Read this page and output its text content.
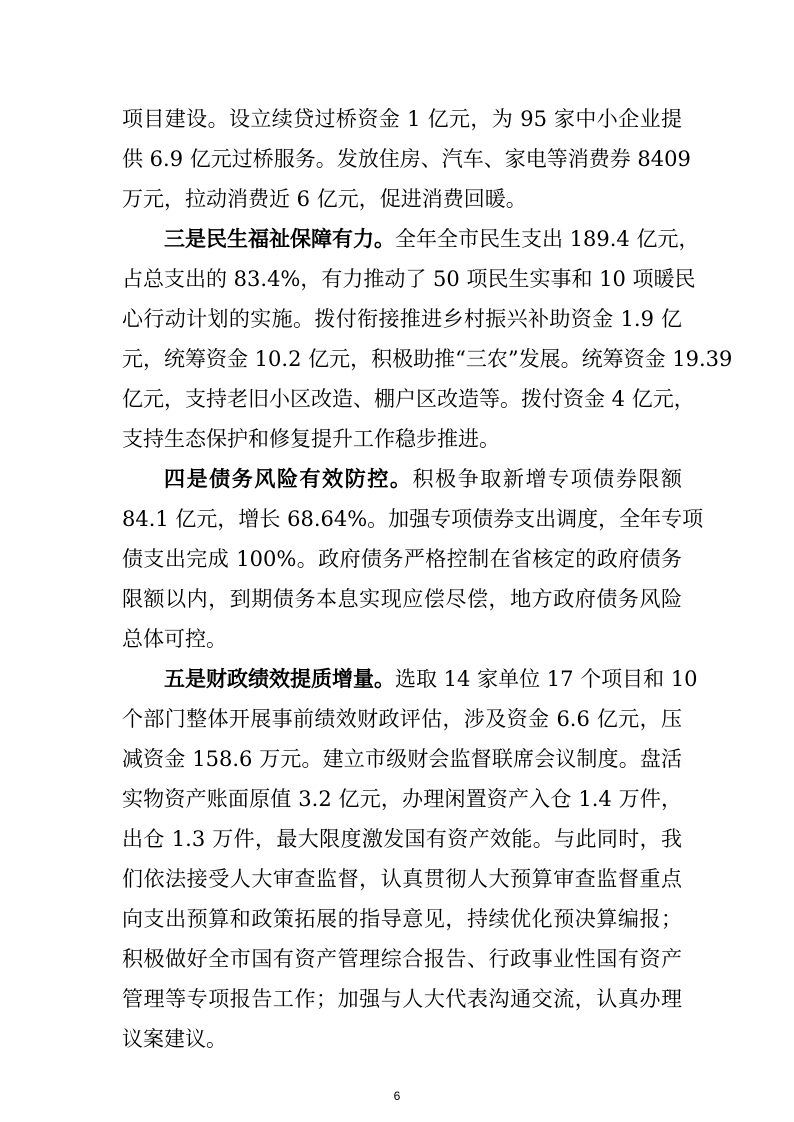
项目建设。设立续贷过桥资金 1 亿元，为 95 家中小企业提
供 6.9 亿元过桥服务。发放住房、汽车、家电等消费券 8409
万元，拉动消费近 6 亿元，促进消费回暖。
三是民生福祉保障有力。全年全市民生支出 189.4 亿元，
占总支出的 83.4%，有力推动了 50 项民生实事和 10 项暖民
心行动计划的实施。拨付衔接推进乡村振兴补助资金 1.9 亿
元，统筹资金 10.2 亿元，积极助推“三农”发展。统筹资金 19.39
亿元，支持老旧小区改造、棚户区改造等。拨付资金 4 亿元，
支持生态保护和修复提升工作稳步推进。
四是债务风险有效防控。积极争取新增专项债券限额
84.1 亿元，增长 68.64%。加强专项债券支出调度，全年专项
债支出完成 100%。政府债务严格控制在省核定的政府债务
限额以内，到期债务本息实现应偿尽偿，地方政府债务风险
总体可控。
五是财政绩效提质增量。选取 14 家单位 17 个项目和 10
个部门整体开展事前绩效财政评估，涉及资金 6.6 亿元，压
减资金 158.6 万元。建立市级财会监督联席会议制度。盘活
实物资产账面原值 3.2 亿元，办理闲置资产入仓 1.4 万件，
出仓 1.3 万件，最大限度激发国有资产效能。与此同时，我
们依法接受人大审查监督，认真贯彻人大预算审查监督重点
向支出预算和政策拓展的指导意见，持续优化预决算编报；
积极做好全市国有资产管理综合报告、行政事业性国有资产
管理等专项报告工作；加强与人大代表沟通交流，认真办理
议案建议。
6
